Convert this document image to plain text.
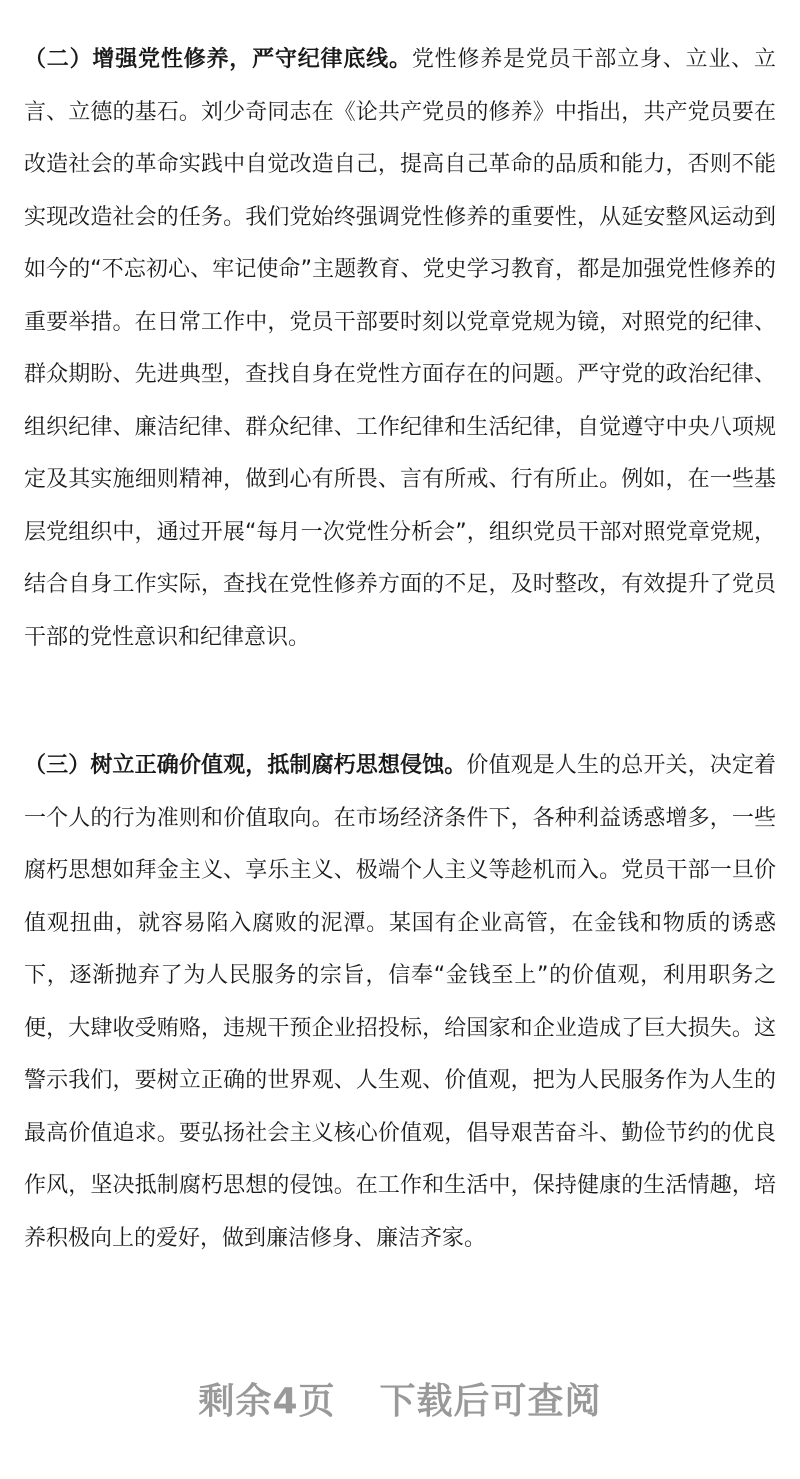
（二）增强党性修养，严守纪律底线。党性修养是党员干部立身、立业、立言、立德的基石。刘少奇同志在《论共产党员的修养》中指出，共产党员要在改造社会的革命实践中自觉改造自己，提高自己革命的品质和能力，否则不能实现改造社会的任务。我们党始终强调党性修养的重要性，从延安整风运动到如今的“不忘初心、牢记使命”主题教育、党史学习教育，都是加强党性修养的重要举措。在日常工作中，党员干部要时刻以党章党规为镜，对照党的纪律、群众期盼、先进典型，查找自身在党性方面存在的问题。严守党的政治纪律、组织纪律、廉洁纪律、群众纪律、工作纪律和生活纪律，自觉遵守中央八项规定及其实施细则精神，做到心有所畏、言有所戒、行有所止。例如，在一些基层党组织中，通过开展“每月一次党性分析会”，组织党员干部对照党章党规，结合自身工作实际，查找在党性修养方面的不足，及时整改，有效提升了党员干部的党性意识和纪律意识。

（三）树立正确价值观，抵制腐朽思想侵蚀。价值观是人生的总开关，决定着一个人的行为准则和价值取向。在市场经济条件下，各种利益诱惑增多，一些腐朽思想如拜金主义、享乐主义、极端个人主义等趁机而入。党员干部一旦价值观扭曲，就容易陷入腐败的泥潭。某国有企业高管，在金钱和物质的诱惑下，逐渐抛弃了为人民服务的宗旨，信奉“金钱至上”的价值观，利用职务之便，大肆收受贿赂，违规干预企业招投标，给国家和企业造成了巨大损失。这警示我们，要树立正确的世界观、人生观、价值观，把为人民服务作为人生的最高价值追求。要弘扬社会主义核心价值观，倡导艰苦奋斗、勤俭节约的优良作风，坚决抵制腐朽思想的侵蚀。在工作和生活中，保持健康的生活情趣，培养积极向上的爱好，做到廉洁修身、廉洁齐家。

剩余4页 下载后可查阅
